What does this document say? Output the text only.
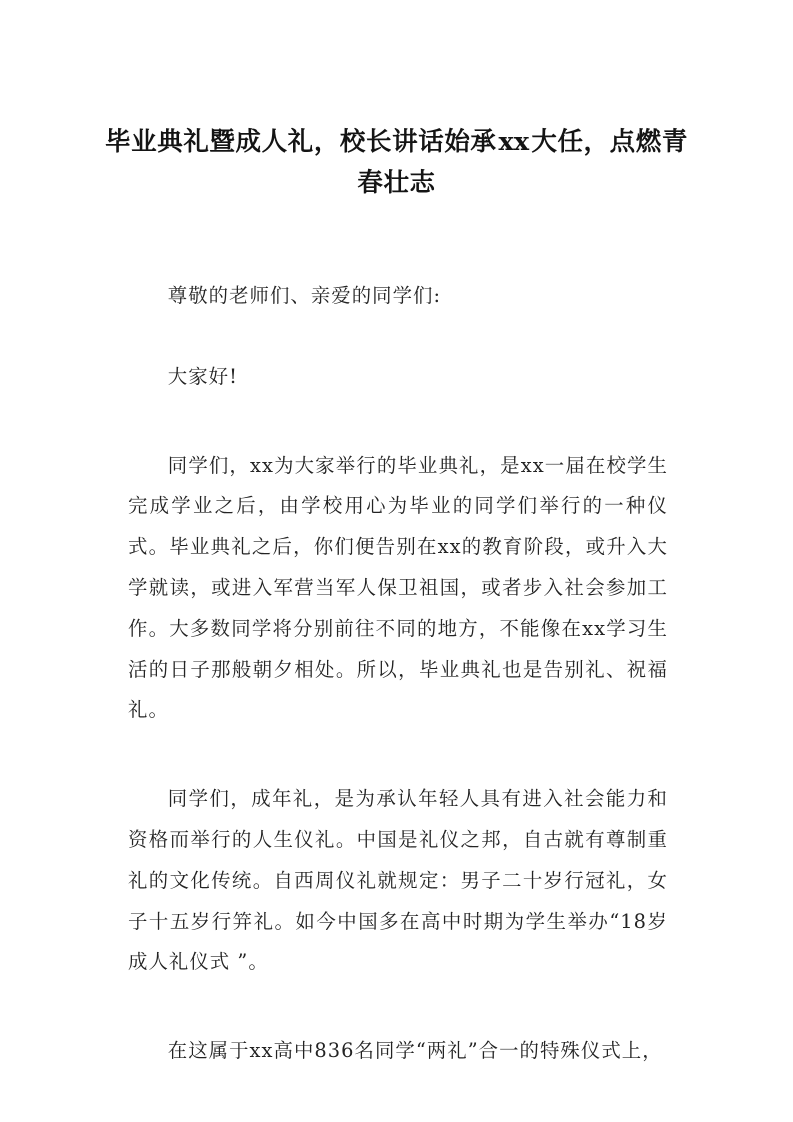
毕业典礼暨成人礼，校长讲话始承xx大任，点燃青春壮志

尊敬的老师们、亲爱的同学们:

大家好!

同学们，xx为大家举行的毕业典礼，是xx一届在校学生完成学业之后，由学校用心为毕业的同学们举行的一种仪式。毕业典礼之后，你们便告别在xx的教育阶段，或升入大学就读，或进入军营当军人保卫祖国，或者步入社会参加工作。大多数同学将分别前往不同的地方，不能像在xx学习生活的日子那般朝夕相处。所以，毕业典礼也是告别礼、祝福礼。

同学们，成年礼，是为承认年轻人具有进入社会能力和资格而举行的人生仪礼。中国是礼仪之邦，自古就有尊制重礼的文化传统。自西周仪礼就规定：男子二十岁行冠礼，女子十五岁行笄礼。如今中国多在高中时期为学生举办“18岁成人礼仪式 ”。

在这属于xx高中836名同学“两礼”合一的特殊仪式上，
